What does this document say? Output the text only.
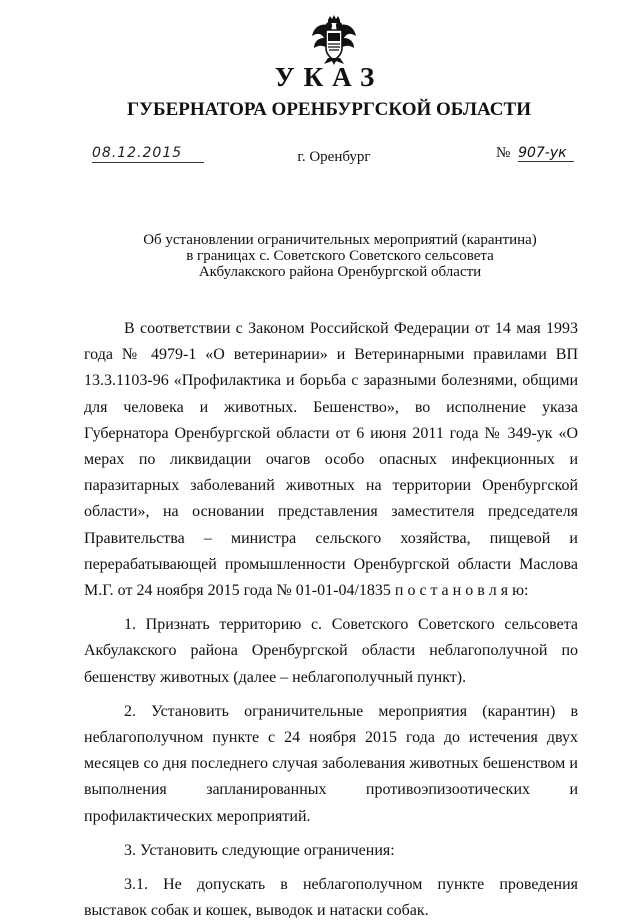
УКАЗ
ГУБЕРНАТОРА ОРЕНБУРГСКОЙ ОБЛАСТИ
08.12.2015	г. Оренбург	№ 907-ук
Об установлении ограничительных мероприятий (карантина)
в границах с. Советского Советского сельсовета
Акбулакского района Оренбургской области

В соответствии с Законом Российской Федерации от 14 мая 1993 года № 4979-1 «О ветеринарии» и Ветеринарными правилами ВП 13.3.1103-96 «Профилактика и борьба с заразными болезнями, общими для человека и животных. Бешенство», во исполнение указа Губернатора Оренбургской области от 6 июня 2011 года № 349-ук «О мерах по ликвидации очагов особо опасных инфекционных и паразитарных заболеваний животных на территории Оренбургской области», на основании представления заместителя председателя Правительства – министра сельского хозяйства, пищевой и перерабатывающей промышленности Оренбургской области Маслова М.Г. от 24 ноября 2015 года № 01-01-04/1835 п о с т а н о в л я ю:

1. Признать территорию с. Советского Советского сельсовета Акбулакского района Оренбургской области неблагополучной по бешенству животных (далее – неблагополучный пункт).

2. Установить ограничительные мероприятия (карантин) в неблагополучном пункте с 24 ноября 2015 года до истечения двух месяцев со дня последнего случая заболевания животных бешенством и выполнения запланированных противоэпизоотических и профилактических мероприятий.

3. Установить следующие ограничения:

3.1. Не допускать в неблагополучном пункте проведения выставок собак и кошек, выводок и натаски собак.
